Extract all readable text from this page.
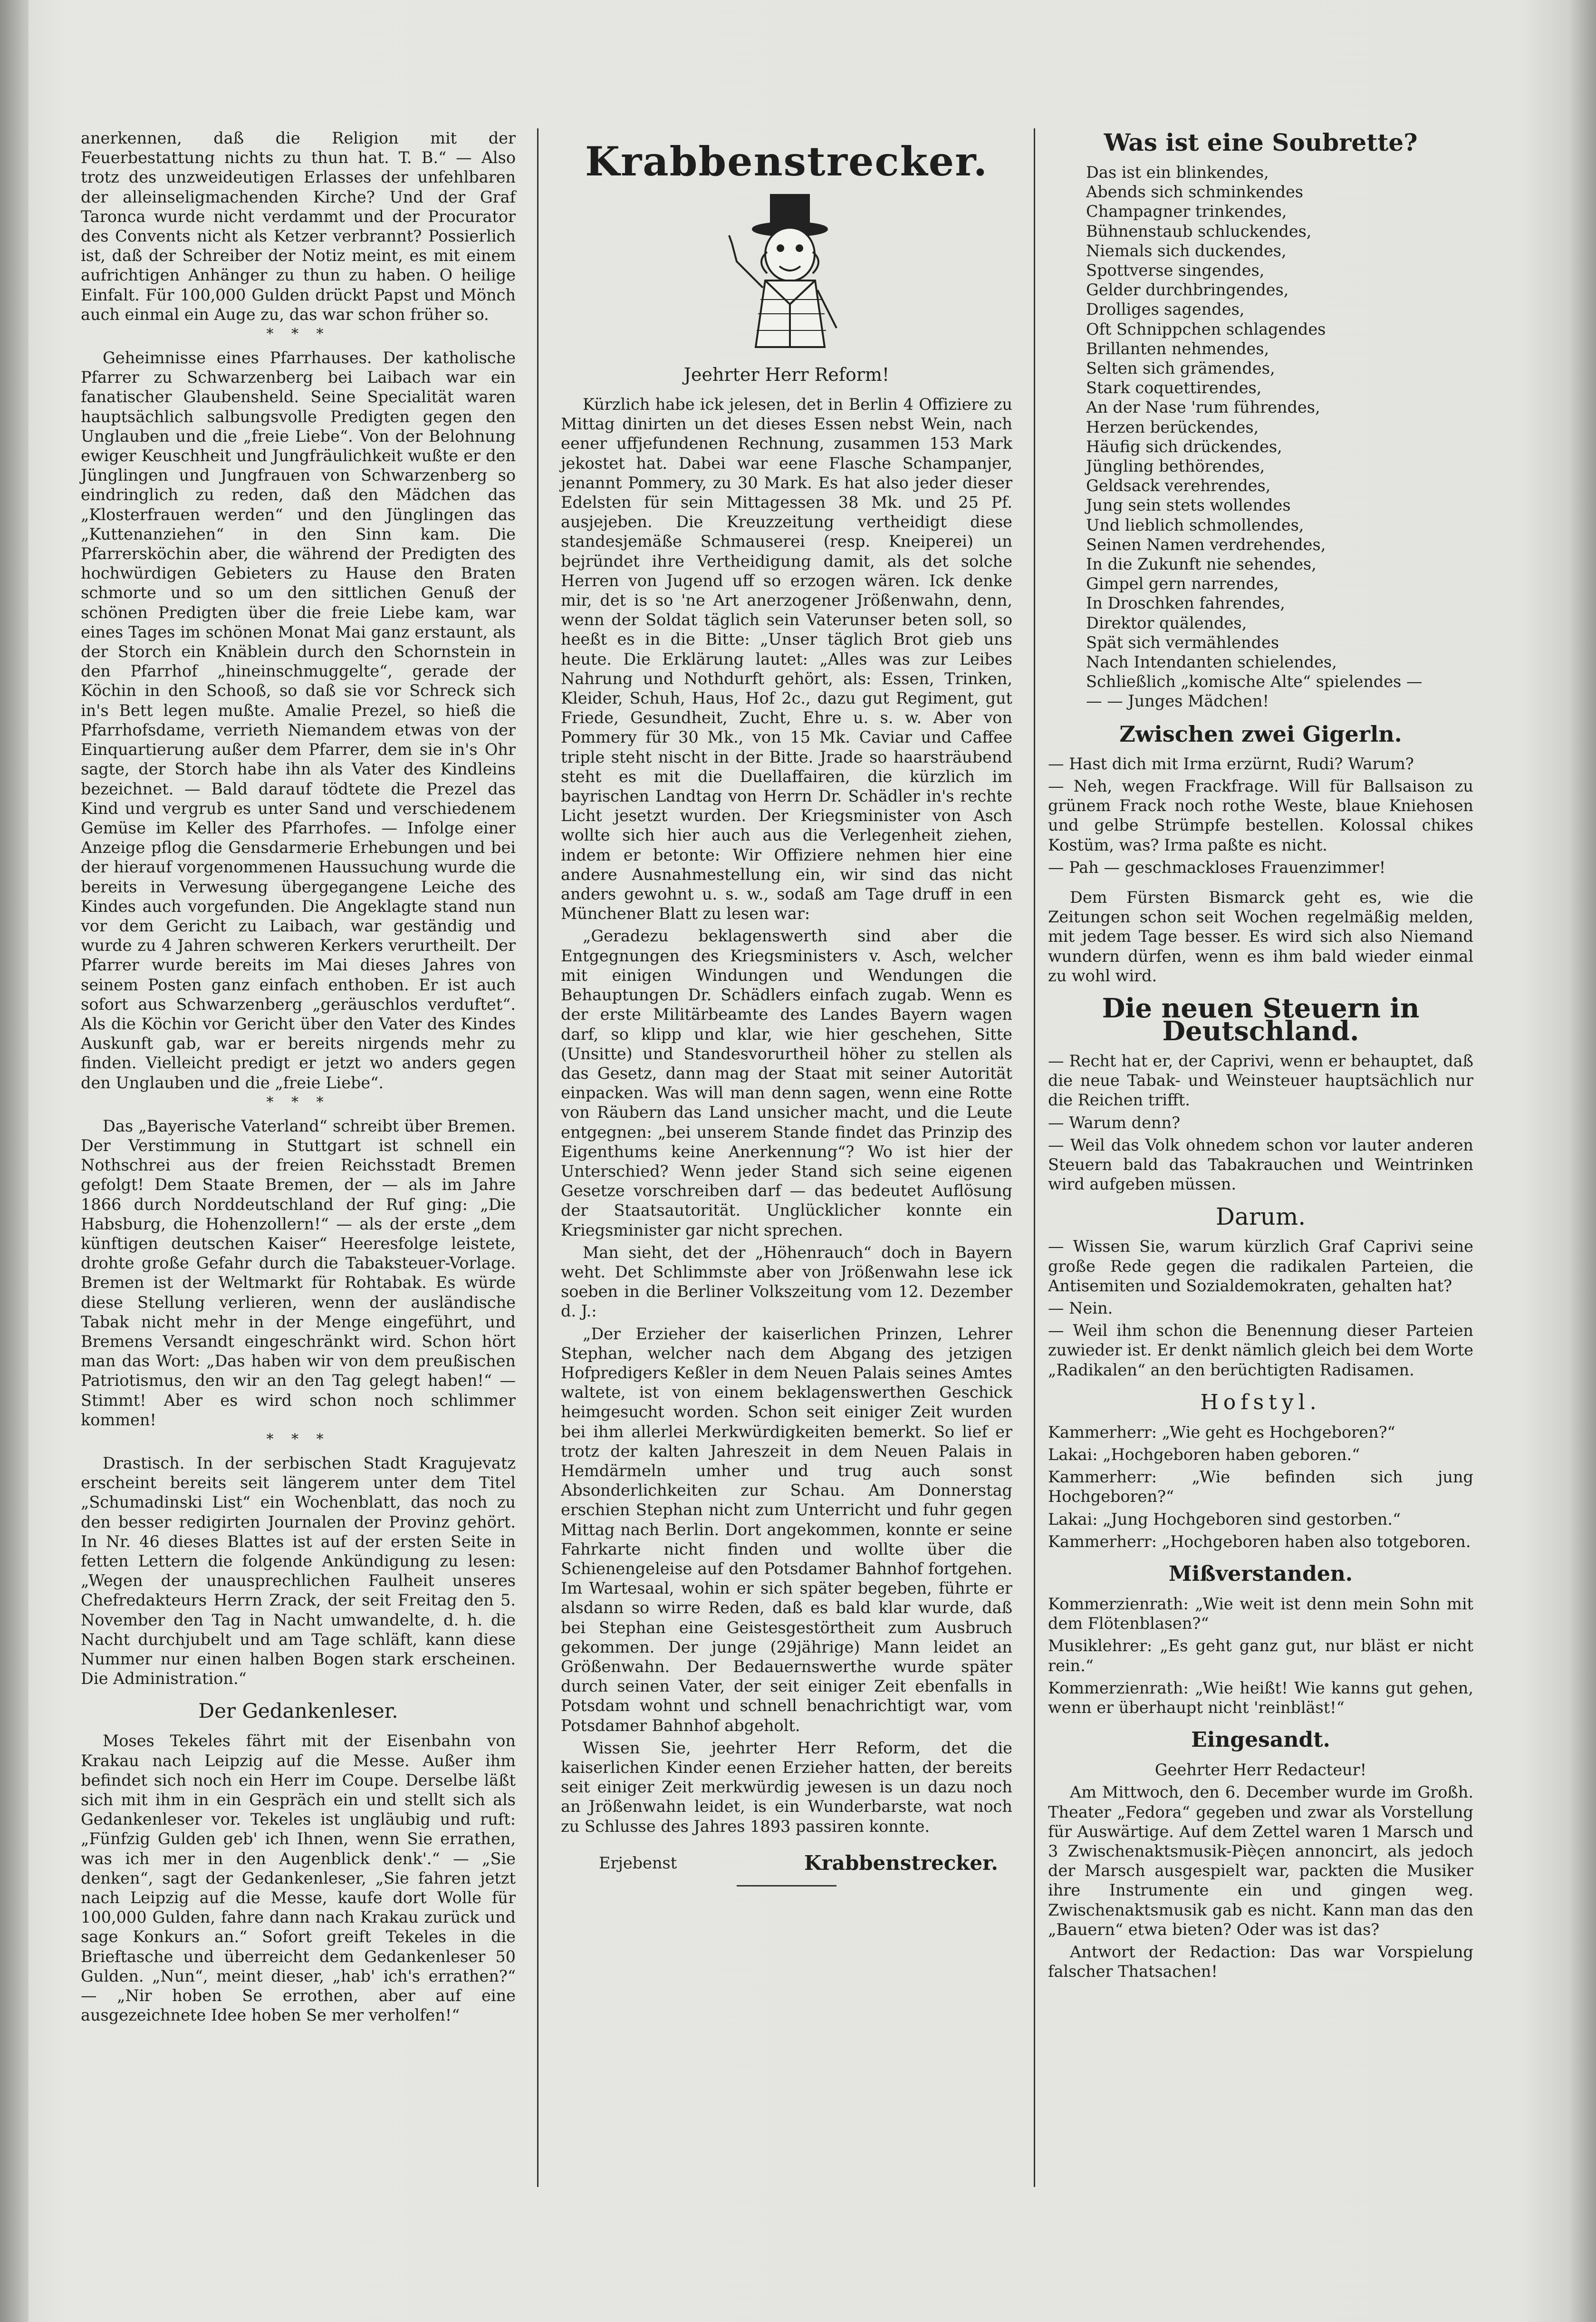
anerkennen, daß die Religion mit der Feuerbestattung nichts zu thun hat. T. B.“ — Also trotz des unzweideutigen Erlasses der unfehlbaren der alleinseligmachenden Kirche? Und der Graf Taronca wurde nicht verdammt und der Procurator des Convents nicht als Ketzer verbrannt? Possierlich ist, daß der Schreiber der Notiz meint, es mit einem aufrichtigen Anhänger zu thun zu haben. O heilige Einfalt. Für 100,000 Gulden drückt Papst und Mönch auch einmal ein Auge zu, das war schon früher so.

* * *

Geheimnisse eines Pfarrhauses. Der katholische Pfarrer zu Schwarzenberg bei Laibach war ein fanatischer Glaubensheld. Seine Specialität waren hauptsächlich salbungsvolle Predigten gegen den Unglauben und die „freie Liebe“. Von der Belohnung ewiger Keuschheit und Jungfräulichkeit wußte er den Jünglingen und Jungfrauen von Schwarzenberg so eindringlich zu reden, daß den Mädchen das „Klosterfrauen werden“ und den Jünglingen das „Kuttenanziehen“ in den Sinn kam. Die Pfarrersköchin aber, die während der Predigten des hochwürdigen Gebieters zu Hause den Braten schmorte und so um den sittlichen Genuß der schönen Predigten über die freie Liebe kam, war eines Tages im schönen Monat Mai ganz erstaunt, als der Storch ein Knäblein durch den Schornstein in den Pfarrhof „hineinschmuggelte“, gerade der Köchin in den Schooß, so daß sie vor Schreck sich in's Bett legen mußte. Amalie Prezel, so hieß die Pfarrhofsdame, verrieth Niemandem etwas von der Einquartierung außer dem Pfarrer, dem sie in's Ohr sagte, der Storch habe ihn als Vater des Kindleins bezeichnet. — Bald darauf tödtete die Prezel das Kind und vergrub es unter Sand und verschiedenem Gemüse im Keller des Pfarrhofes. — Infolge einer Anzeige pflog die Gensdarmerie Erhebungen und bei der hierauf vorgenommenen Haussuchung wurde die bereits in Verwesung übergegangene Leiche des Kindes auch vorgefunden. Die Angeklagte stand nun vor dem Gericht zu Laibach, war geständig und wurde zu 4 Jahren schweren Kerkers verurtheilt. Der Pfarrer wurde bereits im Mai dieses Jahres von seinem Posten ganz einfach enthoben. Er ist auch sofort aus Schwarzenberg „geräuschlos verduftet“. Als die Köchin vor Gericht über den Vater des Kindes Auskunft gab, war er bereits nirgends mehr zu finden. Vielleicht predigt er jetzt wo anders gegen den Unglauben und die „freie Liebe“.

* * *

Das „Bayerische Vaterland“ schreibt über Bremen. Der Verstimmung in Stuttgart ist schnell ein Nothschrei aus der freien Reichsstadt Bremen gefolgt! Dem Staate Bremen, der — als im Jahre 1866 durch Norddeutschland der Ruf ging: „Die Habsburg, die Hohenzollern!“ — als der erste „dem künftigen deutschen Kaiser“ Heeresfolge leistete, drohte große Gefahr durch die Tabaksteuer-Vorlage. Bremen ist der Weltmarkt für Rohtabak. Es würde diese Stellung verlieren, wenn der ausländische Tabak nicht mehr in der Menge eingeführt, und Bremens Versandt eingeschränkt wird. Schon hört man das Wort: „Das haben wir von dem preußischen Patriotismus, den wir an den Tag gelegt haben!“ — Stimmt! Aber es wird schon noch schlimmer kommen!

* * *

Drastisch. In der serbischen Stadt Kragujevatz erscheint bereits seit längerem unter dem Titel „Schumadinski List“ ein Wochenblatt, das noch zu den besser redigirten Journalen der Provinz gehört. In Nr. 46 dieses Blattes ist auf der ersten Seite in fetten Lettern die folgende Ankündigung zu lesen: „Wegen der unausprechlichen Faulheit unseres Chefredakteurs Herrn Zrack, der seit Freitag den 5. November den Tag in Nacht umwandelte, d. h. die Nacht durchjubelt und am Tage schläft, kann diese Nummer nur einen halben Bogen stark erscheinen. Die Administration.“

Der Gedankenleser.

Moses Tekeles fährt mit der Eisenbahn von Krakau nach Leipzig auf die Messe. Außer ihm befindet sich noch ein Herr im Coupe. Derselbe läßt sich mit ihm in ein Gespräch ein und stellt sich als Gedankenleser vor. Tekeles ist ungläubig und ruft: „Fünfzig Gulden geb' ich Ihnen, wenn Sie errathen, was ich mer in den Augenblick denk'.“ — „Sie denken“, sagt der Gedankenleser, „Sie fahren jetzt nach Leipzig auf die Messe, kaufe dort Wolle für 100,000 Gulden, fahre dann nach Krakau zurück und sage Konkurs an.“ Sofort greift Tekeles in die Brieftasche und überreicht dem Gedankenleser 50 Gulden. „Nun“, meint dieser, „hab' ich's errathen?“ — „Nir hoben Se errothen, aber auf eine ausgezeichnete Idee hoben Se mer verholfen!“

Krabbenstrecker.
Jeehrter Herr Reform!

Kürzlich habe ick jelesen, det in Berlin 4 Offiziere zu Mittag dinirten un det dieses Essen nebst Wein, nach eener uffjefundenen Rechnung, zusammen 153 Mark jekostet hat. Dabei war eene Flasche Schampanjer, jenannt Pommery, zu 30 Mark. Es hat also jeder dieser Edelsten für sein Mittagessen 38 Mk. und 25 Pf. ausjejeben. Die Kreuzzeitung vertheidigt diese standesjemäße Schmauserei (resp. Kneiperei) un bejründet ihre Vertheidigung damit, als det solche Herren von Jugend uff so erzogen wären. Ick denke mir, det is so 'ne Art anerzogener Jrößenwahn, denn, wenn der Soldat täglich sein Vaterunser beten soll, so heeßt es in die Bitte: „Unser täglich Brot gieb uns heute. Die Erklärung lautet: „Alles was zur Leibes Nahrung und Nothdurft gehört, als: Essen, Trinken, Kleider, Schuh, Haus, Hof 2c., dazu gut Regiment, gut Friede, Gesundheit, Zucht, Ehre u. s. w. Aber von Pommery für 30 Mk., von 15 Mk. Caviar und Caffee triple steht nischt in der Bitte. Jrade so haarsträubend steht es mit die Duellaffairen, die kürzlich im bayrischen Landtag von Herrn Dr. Schädler in's rechte Licht jesetzt wurden. Der Kriegsminister von Asch wollte sich hier auch aus die Verlegenheit ziehen, indem er betonte: Wir Offiziere nehmen hier eine andere Ausnahmestellung ein, wir sind das nicht anders gewohnt u. s. w., sodaß am Tage druff in een Münchener Blatt zu lesen war:

„Geradezu beklagenswerth sind aber die Entgegnungen des Kriegsministers v. Asch, welcher mit einigen Windungen und Wendungen die Behauptungen Dr. Schädlers einfach zugab. Wenn es der erste Militärbeamte des Landes Bayern wagen darf, so klipp und klar, wie hier geschehen, Sitte (Unsitte) und Standesvorurtheil höher zu stellen als das Gesetz, dann mag der Staat mit seiner Autorität einpacken. Was will man denn sagen, wenn eine Rotte von Räubern das Land unsicher macht, und die Leute entgegnen: „bei unserem Stande findet das Prinzip des Eigenthums keine Anerkennung“? Wo ist hier der Unterschied? Wenn jeder Stand sich seine eigenen Gesetze vorschreiben darf — das bedeutet Auflösung der Staatsautorität. Unglücklicher konnte ein Kriegsminister gar nicht sprechen.

Man sieht, det der „Höhenrauch“ doch in Bayern weht. Det Schlimmste aber von Jrößenwahn lese ick soeben in die Berliner Volkszeitung vom 12. Dezember d. J.:

„Der Erzieher der kaiserlichen Prinzen, Lehrer Stephan, welcher nach dem Abgang des jetzigen Hofpredigers Keßler in dem Neuen Palais seines Amtes waltete, ist von einem beklagenswerthen Geschick heimgesucht worden. Schon seit einiger Zeit wurden bei ihm allerlei Merkwürdigkeiten bemerkt. So lief er trotz der kalten Jahreszeit in dem Neuen Palais in Hemdärmeln umher und trug auch sonst Absonderlichkeiten zur Schau. Am Donnerstag erschien Stephan nicht zum Unterricht und fuhr gegen Mittag nach Berlin. Dort angekommen, konnte er seine Fahrkarte nicht finden und wollte über die Schienengeleise auf den Potsdamer Bahnhof fortgehen. Im Wartesaal, wohin er sich später begeben, führte er alsdann so wirre Reden, daß es bald klar wurde, daß bei Stephan eine Geistesgestörtheit zum Ausbruch gekommen. Der junge (29jährige) Mann leidet an Größenwahn. Der Bedauernswerthe wurde später durch seinen Vater, der seit einiger Zeit ebenfalls in Potsdam wohnt und schnell benachrichtigt war, vom Potsdamer Bahnhof abgeholt.

Wissen Sie, jeehrter Herr Reform, det die kaiserlichen Kinder eenen Erzieher hatten, der bereits seit einiger Zeit merkwürdig jewesen is un dazu noch an Jrößenwahn leidet, is ein Wunderbarste, wat noch zu Schlusse des Jahres 1893 passiren konnte.

Erjebenst	Krabbenstrecker.
Was ist eine Soubrette?
Das ist ein blinkendes,
Abends sich schminkendes
Champagner trinkendes,
Bühnenstaub schluckendes,
Niemals sich duckendes,
Spottverse singendes,
Gelder durchbringendes,
Drolliges sagendes,
Oft Schnippchen schlagendes
Brillanten nehmendes,
Selten sich grämendes,
Stark coquettirendes,
An der Nase 'rum führendes,
Herzen berückendes,
Häufig sich drückendes,
Jüngling bethörendes,
Geldsack verehrendes,
Jung sein stets wollendes
Und lieblich schmollendes,
Seinen Namen verdrehendes,
In die Zukunft nie sehendes,
Gimpel gern narrendes,
In Droschken fahrendes,
Direktor quälendes,
Spät sich vermählendes
Nach Intendanten schielendes,
Schließlich „komische Alte“ spielendes —
— — Junges Mädchen!
Zwischen zwei Gigerln.

— Hast dich mit Irma erzürnt, Rudi? Warum?

— Neh, wegen Frackfrage. Will für Ballsaison zu grünem Frack noch rothe Weste, blaue Kniehosen und gelbe Strümpfe bestellen. Kolossal chikes Kostüm, was? Irma paßte es nicht.

— Pah — geschmackloses Frauenzimmer!

Dem Fürsten Bismarck geht es, wie die Zeitungen schon seit Wochen regelmäßig melden, mit jedem Tage besser. Es wird sich also Niemand wundern dürfen, wenn es ihm bald wieder einmal zu wohl wird.

Die neuen Steuern in Deutschland.

— Recht hat er, der Caprivi, wenn er behauptet, daß die neue Tabak- und Weinsteuer hauptsächlich nur die Reichen trifft.

— Warum denn?

— Weil das Volk ohnedem schon vor lauter anderen Steuern bald das Tabakrauchen und Weintrinken wird aufgeben müssen.

Darum.

— Wissen Sie, warum kürzlich Graf Caprivi seine große Rede gegen die radikalen Parteien, die Antisemiten und Sozialdemokraten, gehalten hat?

— Nein.

— Weil ihm schon die Benennung dieser Parteien zuwieder ist. Er denkt nämlich gleich bei dem Worte „Radikalen“ an den berüchtigten Radisamen.

Hofstyl.

Kammerherr: „Wie geht es Hochgeboren?“

Lakai: „Hochgeboren haben geboren.“

Kammerherr: „Wie befinden sich jung Hochgeboren?“

Lakai: „Jung Hochgeboren sind gestorben.“

Kammerherr: „Hochgeboren haben also totgeboren.

Mißverstanden.

Kommerzienrath: „Wie weit ist denn mein Sohn mit dem Flötenblasen?“

Musiklehrer: „Es geht ganz gut, nur bläst er nicht rein.“

Kommerzienrath: „Wie heißt! Wie kanns gut gehen, wenn er überhaupt nicht 'reinbläst!“

Eingesandt.

Geehrter Herr Redacteur!

Am Mittwoch, den 6. December wurde im Großh. Theater „Fedora“ gegeben und zwar als Vorstellung für Auswärtige. Auf dem Zettel waren 1 Marsch und 3 Zwischenaktsmusik-Pièçen annoncirt, als jedoch der Marsch ausgespielt war, packten die Musiker ihre Instrumente ein und gingen weg. Zwischenaktsmusik gab es nicht. Kann man das den „Bauern“ etwa bieten? Oder was ist das?

Antwort der Redaction: Das war Vorspielung falscher Thatsachen!
